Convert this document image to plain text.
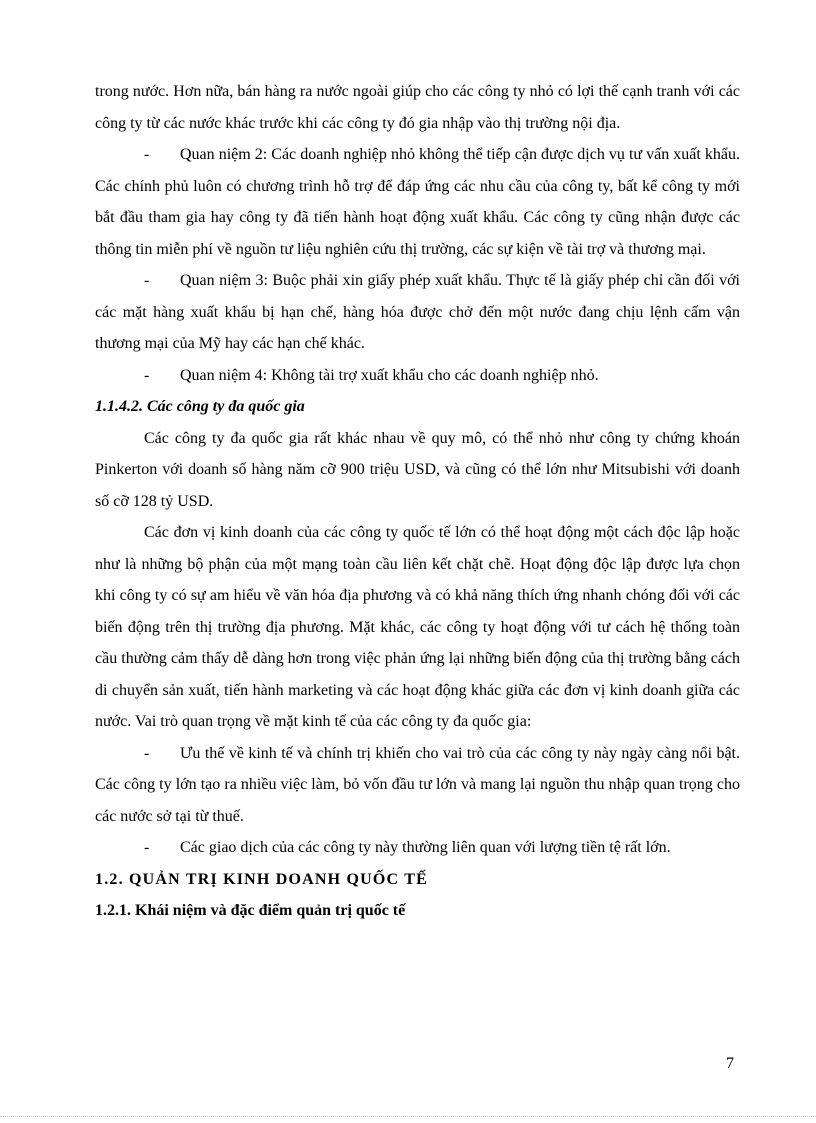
trong nước. Hơn nữa, bán hàng ra nước ngoài giúp cho các công ty nhỏ có lợi thế cạnh tranh với các công ty từ các nước khác trước khi các công ty đó gia nhập vào thị trường nội địa.

- Quan niệm 2: Các doanh nghiệp nhỏ không thể tiếp cận được dịch vụ tư vấn xuất khẩu. Các chính phủ luôn có chương trình hỗ trợ để đáp ứng các nhu cầu của công ty, bất kể công ty mới bắt đầu tham gia hay công ty đã tiến hành hoạt động xuất khẩu. Các công ty cũng nhận được các thông tin miễn phí về nguồn tư liệu nghiên cứu thị trường, các sự kiện về tài trợ và thương mại.

- Quan niệm 3: Buộc phải xin giấy phép xuất khẩu. Thực tế là giấy phép chỉ cần đối với các mặt hàng xuất khẩu bị hạn chế, hàng hóa được chở đến một nước đang chịu lệnh cấm vận thương mại của Mỹ hay các hạn chế khác.

- Quan niệm 4: Không tài trợ xuất khẩu cho các doanh nghiệp nhỏ.

1.1.4.2. Các công ty đa quốc gia

Các công ty đa quốc gia rất khác nhau về quy mô, có thể nhỏ như công ty chứng khoán Pinkerton với doanh số hàng năm cỡ 900 triệu USD, và cũng có thể lớn như Mitsubishi với doanh số cỡ 128 tỷ USD.

Các đơn vị kinh doanh của các công ty quốc tế lớn có thể hoạt động một cách độc lập hoặc như là những bộ phận của một mạng toàn cầu liên kết chặt chẽ. Hoạt động độc lập được lựa chọn khi công ty có sự am hiểu về văn hóa địa phương và có khả năng thích ứng nhanh chóng đối với các biến động trên thị trường địa phương. Mặt khác, các công ty hoạt động với tư cách hệ thống toàn cầu thường cảm thấy dễ dàng hơn trong việc phản ứng lại những biến động của thị trường bằng cách di chuyển sản xuất, tiến hành marketing và các hoạt động khác giữa các đơn vị kinh doanh giữa các nước. Vai trò quan trọng về mặt kinh tế của các công ty đa quốc gia:

- Ưu thế về kinh tế và chính trị khiến cho vai trò của các công ty này ngày càng nổi bật. Các công ty lớn tạo ra nhiều việc làm, bỏ vốn đầu tư lớn và mang lại nguồn thu nhập quan trọng cho các nước sở tại từ thuế.

- Các giao dịch của các công ty này thường liên quan với lượng tiền tệ rất lớn.

1.2. QUẢN TRỊ KINH DOANH QUỐC TẾ

1.2.1. Khái niệm và đặc điểm quản trị quốc tế

7
